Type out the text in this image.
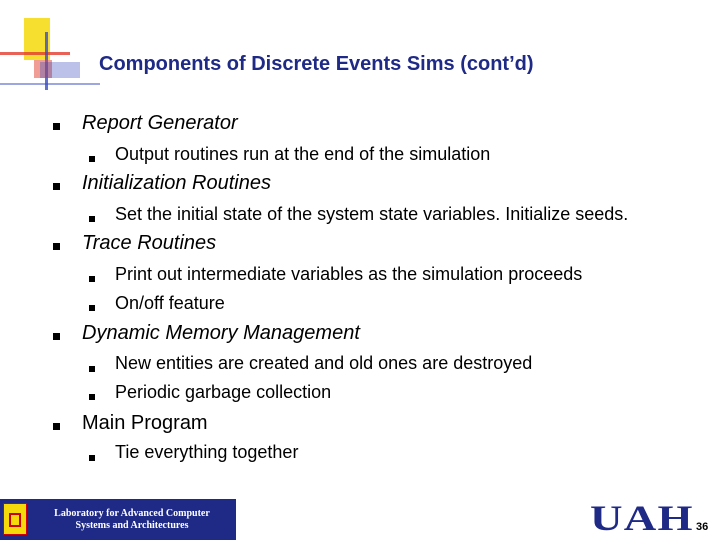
Components of Discrete Events Sims (cont’d)
Report Generator
Output routines run at the end of the simulation
Initialization Routines
Set the initial state of the system state variables. Initialize seeds.
Trace Routines
Print out intermediate variables as the simulation proceeds
On/off feature
Dynamic Memory Management
New entities are created and old ones are destroyed
Periodic garbage collection
Main Program
Tie everything together
Laboratory for Advanced Computer
Systems and Architectures	UAH 36
